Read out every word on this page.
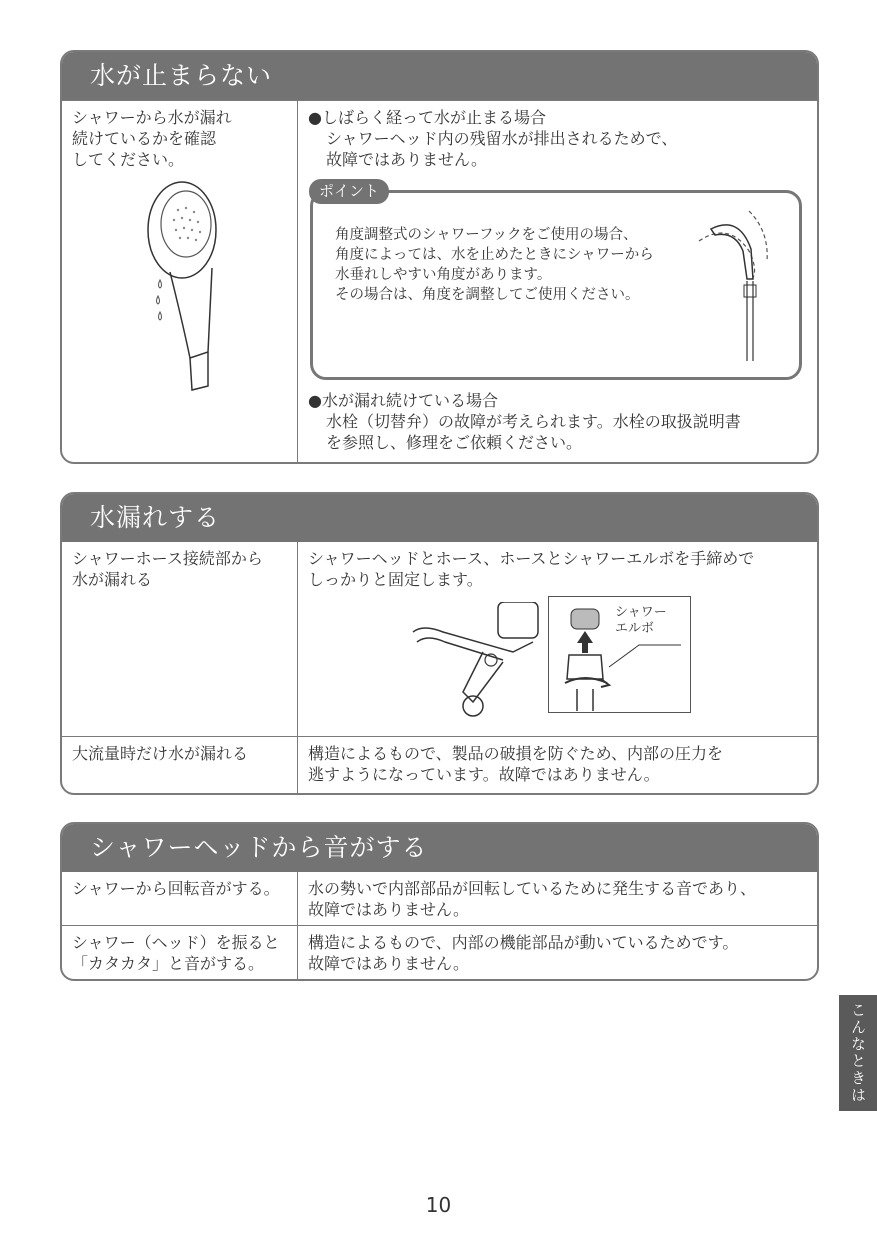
水が止まらない
シャワーから水が漏れ
続けているかを確認
してください。
●しばらく経って水が止まる場合
シャワーヘッド内の残留水が排出されるためで、
故障ではありません。
ポイント
角度調整式のシャワーフックをご使用の場合、
角度によっては、水を止めたときにシャワーから
水垂れしやすい角度があります。
その場合は、角度を調整してご使用ください。
●水が漏れ続けている場合
水栓（切替弁）の故障が考えられます。水栓の取扱説明書
を参照し、修理をご依頼ください。
水漏れする
シャワーホース接続部から
水が漏れる
シャワーヘッドとホース、ホースとシャワーエルボを手締めで
しっかりと固定します。
シャワー
エルボ
大流量時だけ水が漏れる	構造によるもので、製品の破損を防ぐため、内部の圧力を
逃すようになっています。故障ではありません。
シャワーヘッドから音がする
シャワーから回転音がする。	水の勢いで内部部品が回転しているために発生する音であり、
故障ではありません。
シャワー（ヘッド）を振ると
「カタカタ」と音がする。
構造によるもので、内部の機能部品が動いているためです。
故障ではありません。
こんなときは
10
